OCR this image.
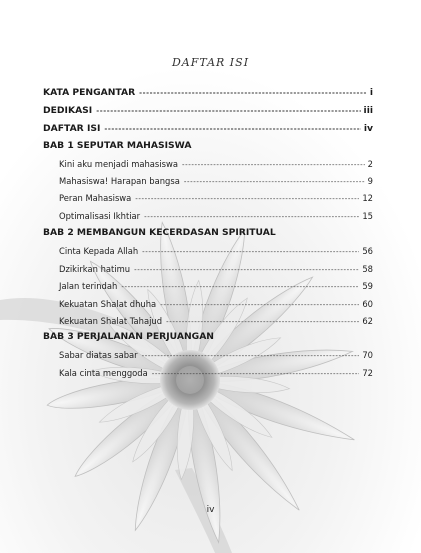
DAFTAR ISI
KATA PENGANTAR -----	i
DEDIKASI -----	iii
DAFTAR ISI -----	iv
BAB 1 SEPUTAR MAHASISWA
Kini aku menjadi mahasiswa -----	2
Mahasiswa! Harapan bangsa -----	9
Peran Mahasiswa -----	12
Optimalisasi Ikhtiar -----	15
BAB 2 MEMBANGUN KECERDASAN SPIRITUAL
Cinta Kepada Allah -----	56
Dzikirkan hatimu -----	58
Jalan terindah -----	59
Kekuatan Shalat dhuha -----	60
Kekuatan Shalat Tahajud -----	62
BAB 3 PERJALANAN PERJUANGAN
Sabar diatas sabar -----	70
Kala cinta menggoda -----	72
iv
